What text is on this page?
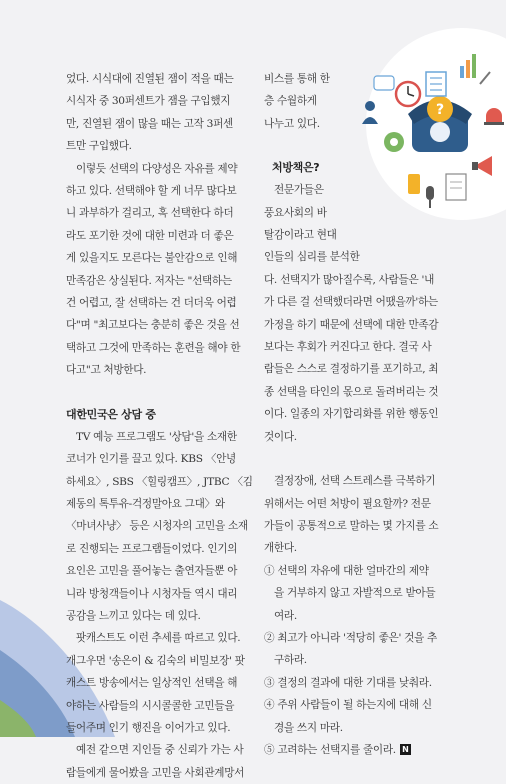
?

었다. 시식대에 진열된 잼이 적을 때는

시식자 중 30퍼센트가 잼을 구입했지

만, 진열된 잼이 많을 때는 고작 3퍼센

트만 구입했다.

이렇듯 선택의 다양성은 자유를 제약

하고 있다. 선택해야 할 게 너무 많다보

니 과부하가 걸리고, 혹 선택한다 하더

라도 포기한 것에 대한 미련과 더 좋은

게 있을지도 모른다는 불안감으로 인해

만족감은 상실된다. 저자는 "선택하는

건 어렵고, 잘 선택하는 건 더더욱 어렵

다"며 "최고보다는 충분히 좋은 것을 선

택하고 그것에 만족하는 훈련을 해야 한

다고"고 처방한다.

대한민국은 상담 중

TV 예능 프로그램도 '상담'을 소재한

코너가 인기를 끌고 있다. KBS 〈안녕

하세요〉, SBS 〈힐링캠프〉, JTBC 〈김

제동의 톡투유-걱정말아요 그대〉와

〈마녀사냥〉 등은 시청자의 고민을 소재

로 진행되는 프로그램들이었다. 인기의

요인은 고민을 풀어놓는 출연자들뿐 아

니라 방청객들이나 시청자들 역시 대리

공감을 느끼고 있다는 데 있다.

팟캐스트도 이런 추세를 따르고 있다.

개그우먼 '송은이 & 김숙의 비밀보장' 팟

캐스트 방송에서는 일상적인 선택을 해

야하는 사람들의 시시콜콜한 고민들을

들어주며 인기 행진을 이어가고 있다.

예전 같으면 지인들 중 신뢰가 가는 사

람들에게 물어봤을 고민을 사회관계망서

비스를 통해 한

층 수월하게

나누고 있다.

처방책은?

전문가들은

풍요사회의 바

탈감이라고 현대

인들의 심리를 분석한

다. 선택지가 많아질수록, 사람들은 '내

가 다른 걸 선택했더라면 어땠을까'하는

가정을 하기 때문에 선택에 대한 만족감

보다는 후회가 커진다고 한다. 결국 사

람들은 스스로 결정하기를 포기하고, 최

종 선택을 타인의 몫으로 돌려버리는 것

이다. 일종의 자기합리화를 위한 행동인

것이다.

결정장애, 선택 스트레스를 극복하기

위해서는 어떤 처방이 필요할까? 전문

가들이 공통적으로 말하는 몇 가지를 소

개한다.

① 선택의 자유에 대한 얼마간의 제약

을 거부하지 않고 자발적으로 받아들

여라.

② 최고가 아니라 '적당히 좋은' 것을 추

구하라.

③ 결정의 결과에 대한 기대를 낮춰라.

④ 주위 사람들이 될 하는지에 대해 신

경을 쓰지 마라.

⑤ 고려하는 선택지를 줄이라. N
